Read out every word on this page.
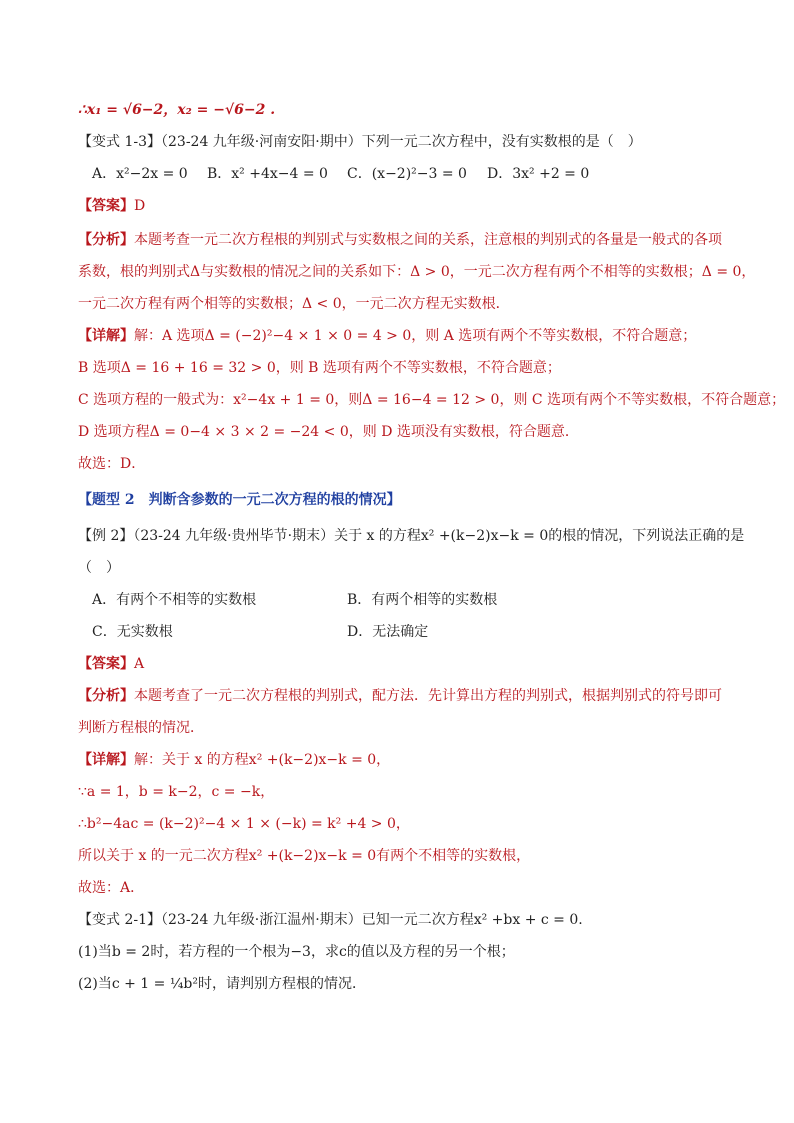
∴x₁ = √6−2，x₂ = −√6−2 .
【变式 1-3】（23-24 九年级·河南安阳·期中）下列一元二次方程中，没有实数根的是（　）
A．x²−2x = 0 B．x² +4x−4 = 0 C．(x−2)²−3 = 0 D．3x² +2 = 0
【答案】D
【分析】本题考查一元二次方程根的判别式与实数根之间的关系，注意根的判别式的各量是一般式的各项
系数，根的判别式Δ与实数根的情况之间的关系如下：Δ > 0，一元二次方程有两个不相等的实数根；Δ = 0，
一元二次方程有两个相等的实数根；Δ < 0，一元二次方程无实数根．
【详解】解：A 选项Δ = (−2)²−4 × 1 × 0 = 4 > 0，则 A 选项有两个不等实数根，不符合题意；
B 选项Δ = 16 + 16 = 32 > 0，则 B 选项有两个不等实数根，不符合题意；
C 选项方程的一般式为：x²−4x + 1 = 0，则Δ = 16−4 = 12 > 0，则 C 选项有两个不等实数根，不符合题意；
D 选项方程Δ = 0−4 × 3 × 2 = −24 < 0，则 D 选项没有实数根，符合题意．
故选：D．
【题型 2　判断含参数的一元二次方程的根的情况】
【例 2】（23-24 九年级·贵州毕节·期末）关于 x 的方程x² +(k−2)x−k = 0的根的情况，下列说法正确的是
（　）
A．有两个不相等的实数根	B．有两个相等的实数根
C．无实数根	D．无法确定
【答案】A
【分析】本题考查了一元二次方程根的判别式，配方法．先计算出方程的判别式，根据判别式的符号即可
判断方程根的情况．
【详解】解：关于 x 的方程x² +(k−2)x−k = 0，
∵a = 1，b = k−2，c = −k，
∴b²−4ac = (k−2)²−4 × 1 × (−k) = k² +4 > 0，
所以关于 x 的一元二次方程x² +(k−2)x−k = 0有两个不相等的实数根，
故选：A．
【变式 2-1】（23-24 九年级·浙江温州·期末）已知一元二次方程x² +bx + c = 0.
(1)当b = 2时，若方程的一个根为−3，求c的值以及方程的另一个根；
(2)当c + 1 = ¼b²时，请判别方程根的情况．
